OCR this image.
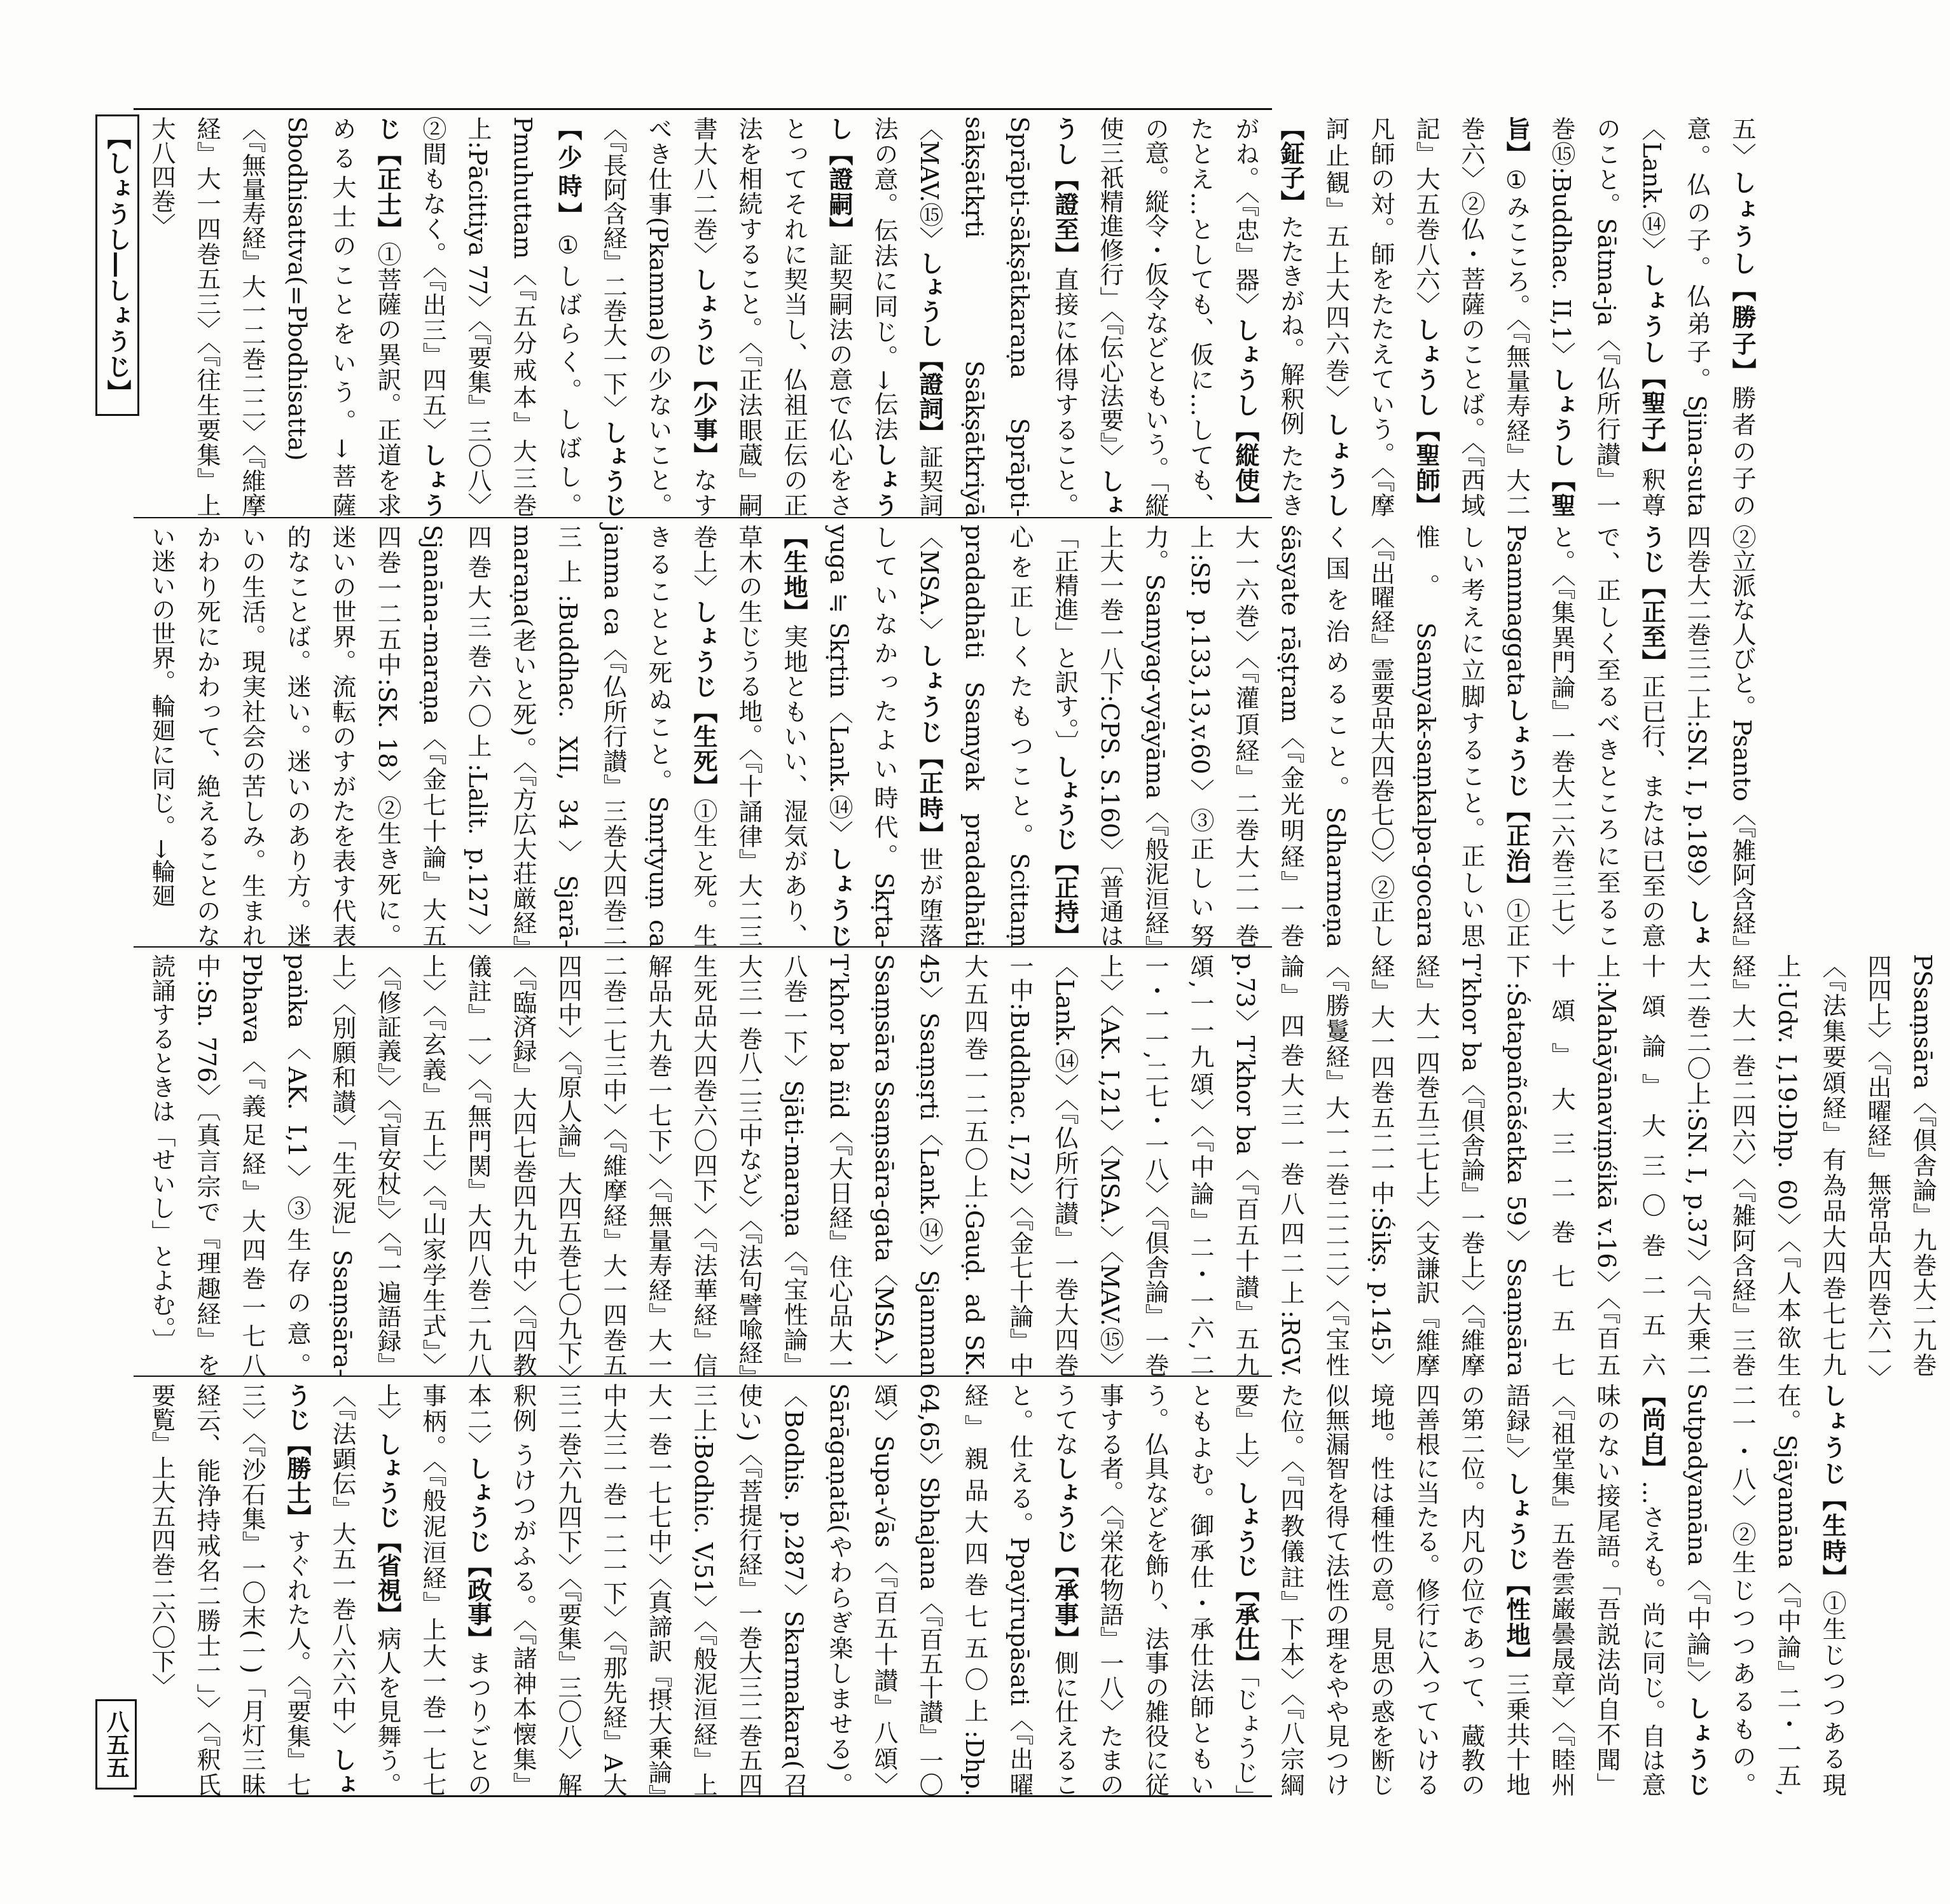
【しょうし―しょうじ】	五〉しょうし【勝子】勝者の子の意。仏の子。仏弟子。Sjina-suta〈Lank.⑭〉しょうし【聖子】釈尊のこと。Sātma-ja〈『仏所行讃』一巻⑮:Buddhac. II,1〉しょうし【聖旨】①みこころ。〈『無量寿経』大二巻六〉②仏・菩薩のことば。〈『西域記』大五巻八六〉しょうし【聖師】凡師の対。師をたたえていう。〈『摩訶止観』五上大四六巻〉しょうし【鉦子】たたきがね。解釈例 たたきがね。〈『忠』器〉しょうし【縦使】たとえ…としても、仮に…しても、の意。縦令・仮令などともいう。「縦使三祇精進修行」〈『伝心法要』〉しょうし【證至】直接に体得すること。Sprāpti-sākṣātkaraṇa Sprāpti-sākṣātkṛti Ssākṣātkriyā〈MAV.⑮〉しょうし【證詞】証契詞法の意。伝法に同じ。→伝法しょうし【證嗣】証契嗣法の意で仏心をさとってそれに契当し、仏祖正伝の正法を相続すること。〈『正法眼蔵』嗣書大八二巻〉しょうじ【少事】なすべき仕事(Pkamma)の少ないこと。〈『長阿含経』二巻大一下〉しょうじ【少時】①しばらく。しばし。Pmuhuttam〈『五分戒本』大三巻上:Pācittiya 77〉〈『要集』三〇八〉②間もなく。〈『出三』四五〉しょうじ【正士】①菩薩の異訳。正道を求める大士のことをいう。→菩薩Sbodhisattva(=Pbodhisatta)〈『無量寿経』大一二巻二二〉〈『維摩経』大一四巻五三〉〈『往生要集』上大八四巻〉
②立派な人びと。Psanto〈『雑阿含経』四巻大二巻三二上:SN. I, p.189〉しょうじ【正至】正已行、または已至の意で、正しく至るべきところに至ること。〈『集異門論』一巻大二六巻三七〉Psammaggataしょうじ【正治】①正しい考えに立脚すること。正しい思惟。Ssamyak-saṃkalpa-gocara〈『出曜経』霊要品大四巻七〇〉②正しく国を治めること。Sdharmeṇa śāsyate rāṣṭram〈『金光明経』一巻大一六巻〉〈『灌頂経』二巻大二一巻上:SP. p.133,13,v.60〉③正しい努力。Ssamyag-vyāyāma〈『般泥洹経』上大一巻一八下:CPS. S.160〉〔普通は「正精進」と訳す。〕しょうじ【正持】心を正しくたもつこと。Scittaṃ pradadhāti Ssamyak pradadhāti〈MSA.〉しょうじ【正時】世が堕落していなかったよい時代。Skṛta-yuga ≒ Skṛtin〈Lank.⑭〉しょうじ【生地】実地ともいい、湿気があり、草木の生じうる地。〈『十誦律』大二三巻上〉しょうじ【生死】①生と死。生きることと死ぬこと。Smṛtyuṃ ca janma ca〈『仏所行讃』三巻大四巻二三上:Buddhac. XII, 34〉Sjarā-maraṇa(老いと死)。〈『方広大荘厳経』四巻大三巻六〇上:Lalit. p.127〉Sjanāna-maraṇa〈『金七十論』大五四巻一二五中:SK. 18〉②生き死に。迷いの世界。流転のすがたを表す代表的なことば。迷い。迷いのあり方。迷いの生活。現実社会の苦しみ。生まれかわり死にかわって、絶えることのない迷いの世界。輪廻に同じ。→輪廻
PSsaṃsāra〈『倶舎論』九巻大二九巻四四上〉〈『出曜経』無常品大四巻六一〉〈『法集要頌経』有為品大四巻七七九上:Udv. I,19:Dhp. 60〉〈『人本欲生経』大一巻二四六〉〈『雑阿含経』三巻大二巻二〇上:SN. I, p.37〉〈『大乗二十頌論』大三〇巻二五六上:Mahāyānaviṃśikā v.16〉〈『百五十頌』大三二巻七五七下:Śatapañcāśatka 59〉Ssaṃsāra Tʼkhor ba〈『倶舎論』一巻上〉〈『維摩経』大一四巻五三七上〉〈支謙訳『維摩経』大一四巻五二一中:Śikṣ. p.145〉〈『勝鬘経』大一二巻二二二〉〈『宝性論』四巻大三一巻八四二上:RGV. p.73〉Tʼkhor ba〈『百五十讃』五九頌,一一九頌〉〈『中論』二・一六,二一・一一,二七・一八〉〈『倶舎論』一巻上〉〈AK. I,21〉〈MSA.〉〈MAV.⑮〉〈Lank.⑭〉〈『仏所行讃』一巻大四巻一中:Buddhac. I,72〉〈『金七十論』中大五四巻一二五〇上:Gauḍ. ad SK. 45〉Ssaṃsṛti〈Lank.⑭〉Sjanman Ssaṃsāra Ssaṃsāra-gata〈MSA.〉Tʼkhor ba ñid〈『大日経』住心品大一八巻一下〉Sjāti-maraṇa〈『宝性論』大三一巻八二三中など〉〈『法句譬喩経』生死品大四巻六〇四下〉〈『法華経』信解品大九巻一七下〉〈『無量寿経』大一二巻二七三中〉〈『維摩経』大一四巻五四四中〉〈『原人論』大四五巻七〇九下〉〈『臨済録』大四七巻四九九中〉〈『四教儀註』一〉〈『無門関』大四八巻二九八上〉〈『玄義』五上〉〈『山家学生式』〉〈『修証義』〉〈『盲安杖』〉〈『一遍語録』上〉〈別願和讃〉「生死泥」Ssaṃsāra-paṅka〈AK. I,1〉③生存の意。Pbhava〈『義足経』大四巻一七八中:Sn. 776〉〔真言宗で『理趣経』を読誦するときは「せいし」とよむ。〕
しょうじ【生時】①生じつつある現在。Sjāyamāna〈『中論』二・一五,二一・八〉②生じつつあるもの。Sutpadyamāna〈『中論』〉しょうじ【尚自】…さえも。尚に同じ。自は意味のない接尾語。「吾説法尚自不聞」〈『祖堂集』五巻雲巌曇晟章〉〈『睦州語録』〉しょうじ【性地】三乗共十地の第二位。内凡の位であって、蔵教の四善根に当たる。修行に入っていける境地。性は種性の意。見思の惑を断じ似無漏智を得て法性の理をやや見つけた位。〈『四教儀註』下本〉〈『八宗綱要』上〉しょうじ【承仕】「じょうじ」ともよむ。御承仕・承仕法師ともいう。仏具などを飾り、法事の雑役に従事する者。〈『栄花物語』一八〉たまのうてなしょうじ【承事】側に仕えること。仕える。Ppayirupāsati〈『出曜経』親品大四巻七五〇上:Dhp. 64,65〉Sbhajana〈『百五十讃』一〇頌〉Supa-√ās〈『百五十讃』八頌〉Sārāgaṇatā(やわらぎ楽しませる)。〈Bodhis. p.287〉Skarmakara(召使い)〈『菩提行経』一巻大三二巻五四三上:Bodhic. V,51〉〈『般泥洹経』上大一巻一七七中〉〈真諦訳『摂大乗論』中大三一巻一二一下〉〈『那先経』A大三二巻六九四下〉〈『要集』三〇八〉解釈例 うけつがふる。〈『諸神本懐集』本二〉しょうじ【政事】まつりごとの事柄。〈『般泥洹経』上大一巻一七七上〉しょうじ【省視】病人を見舞う。〈『法顕伝』大五一巻八六六中〉しょうじ【勝士】すぐれた人。〈『要集』七三〉〈『沙石集』一〇末(一)「月灯三昧経云、能浄持戒名二勝士一」〉〈『釈氏要覧』上大五四巻二六〇下〉
八五五
